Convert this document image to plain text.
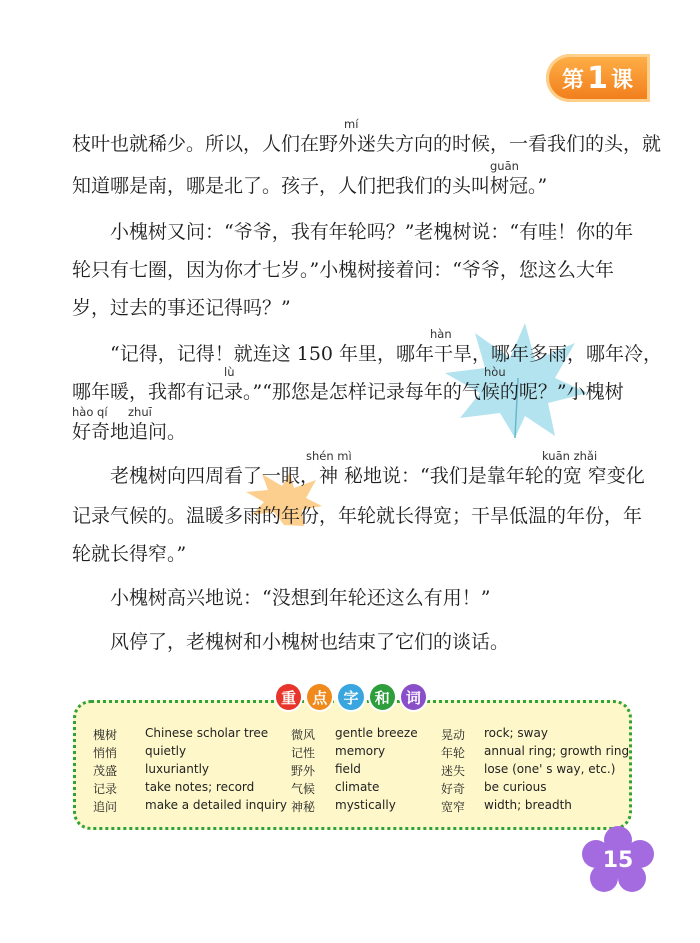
第 1 课
枝叶也就稀少。所以，人们在野外迷失方向的时候，一看我们的头，就
mí
知道哪是南，哪是北了。孩子，人们把我们的头叫树冠。”
guān
小槐树又问：“爷爷，我有年轮吗？”老槐树说：“有哇！你的年
轮只有七圈，因为你才七岁。”小槐树接着问：“爷爷，您这么大年
岁，过去的事还记得吗？”
“记得，记得！就连这 150 年里，哪年干旱，哪年多雨，哪年冷，
hàn
哪年暖，我都有记录。”“那您是怎样记录每年的气候的呢？”小槐树
lù	hòu
好奇地追问。
hào qí zhuī
老槐树向四周看了一眼，神 秘地说：“我们是靠年轮的宽 窄变化
shén mì	kuān zhǎi
记录气候的。温暖多雨的年份，年轮就长得宽；干旱低温的年份，年
轮就长得窄。”
小槐树高兴地说：“没想到年轮还这么有用！”
风停了，老槐树和小槐树也结束了它们的谈话。
重	点	字	和	词
槐树 Chinese scholar tree 微风 gentle breeze 晃动 rock; sway
悄悄 quietly	记性 memory	年轮 annual ring; growth ring
茂盛 luxuriantly	野外 field	迷失 lose (one' s way, etc.)
记录 take notes; record	气候 climate	好奇 be curious
追问 make a detailed inquiry 神秘 mystically	宽窄 width; breadth
15
